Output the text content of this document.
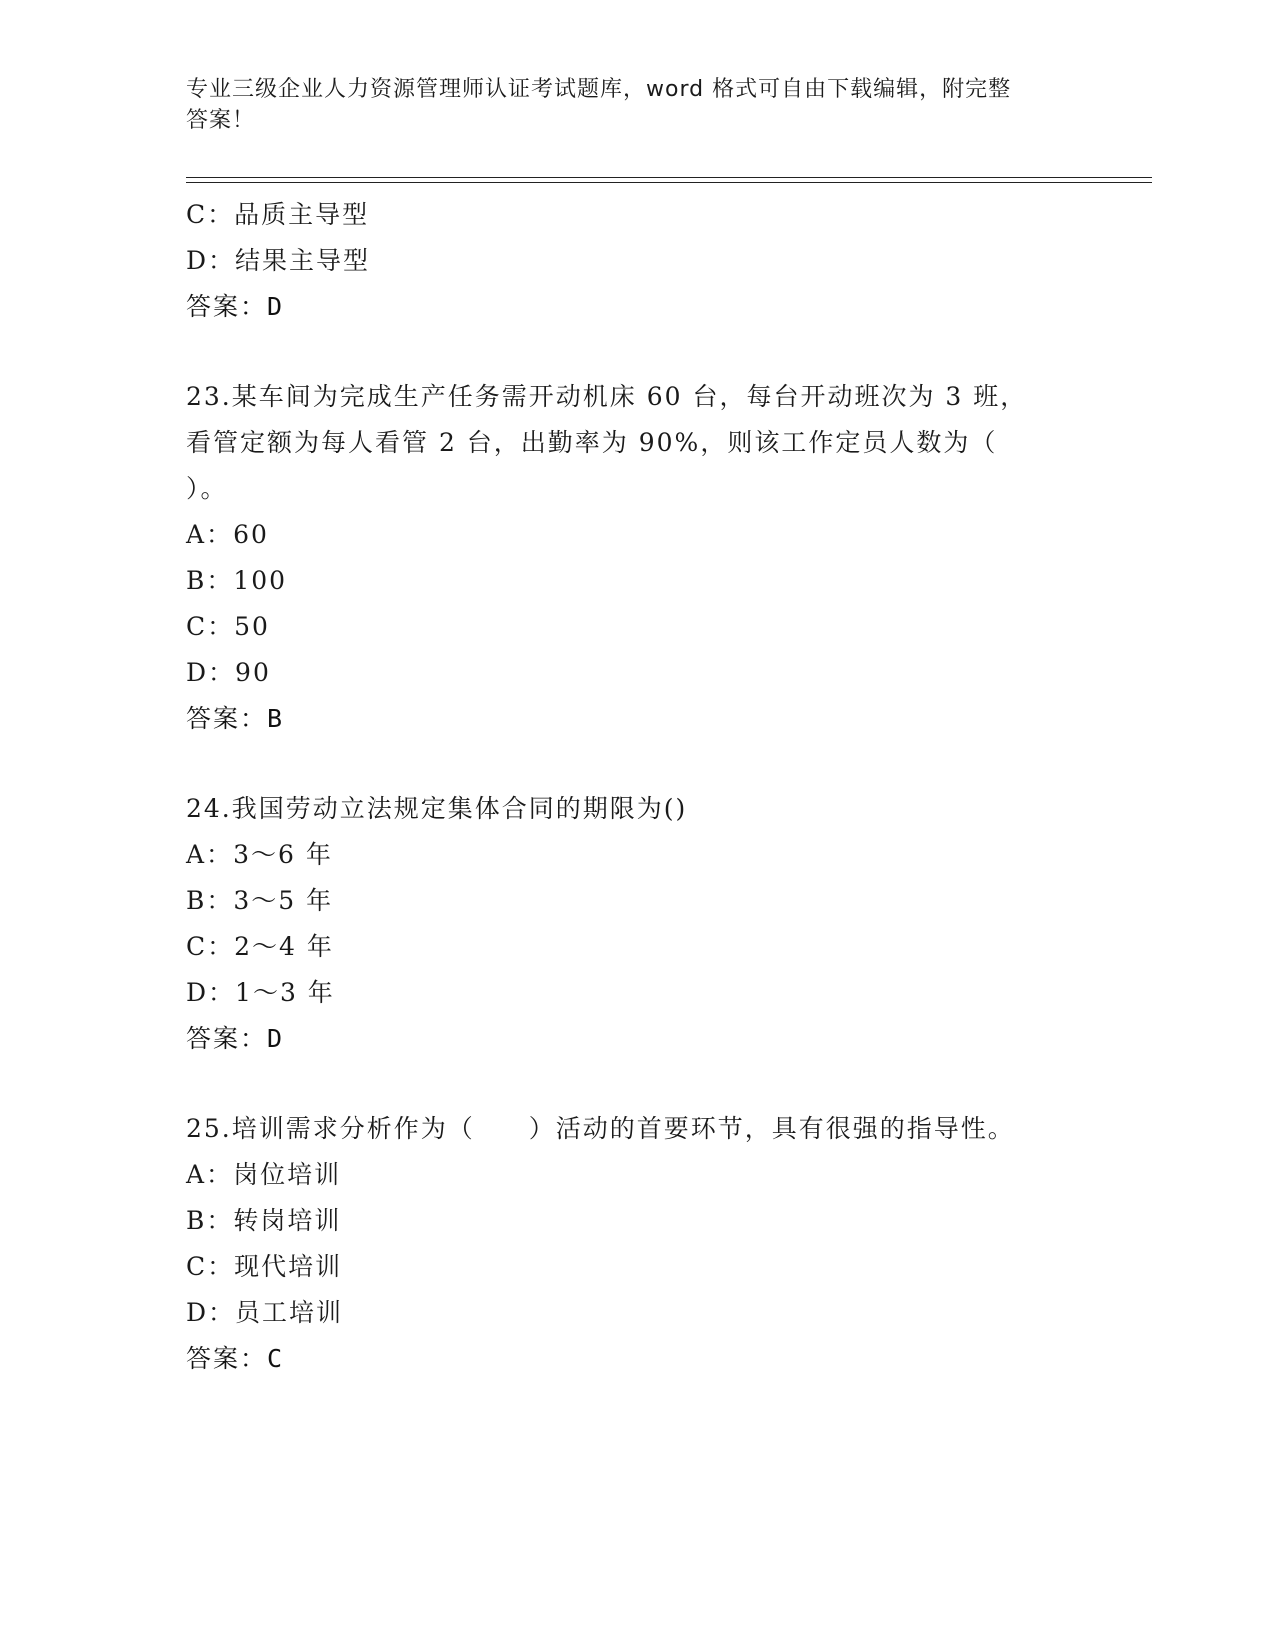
专业三级企业人力资源管理师认证考试题库，word 格式可自由下载编辑，附完整
答案！
C：品质主导型
D：结果主导型
答案：D
23.某车间为完成生产任务需开动机床 60 台，每台开动班次为 3 班，
看管定额为每人看管 2 台，出勤率为 90%，则该工作定员人数为（
）。
A：60
B：100
C：50
D：90
答案：B
24.我国劳动立法规定集体合同的期限为()
A：3～6 年
B：3～5 年
C：2～4 年
D：1～3 年
答案：D
25.培训需求分析作为（　　）活动的首要环节，具有很强的指导性。
A：岗位培训
B：转岗培训
C：现代培训
D：员工培训
答案：C
